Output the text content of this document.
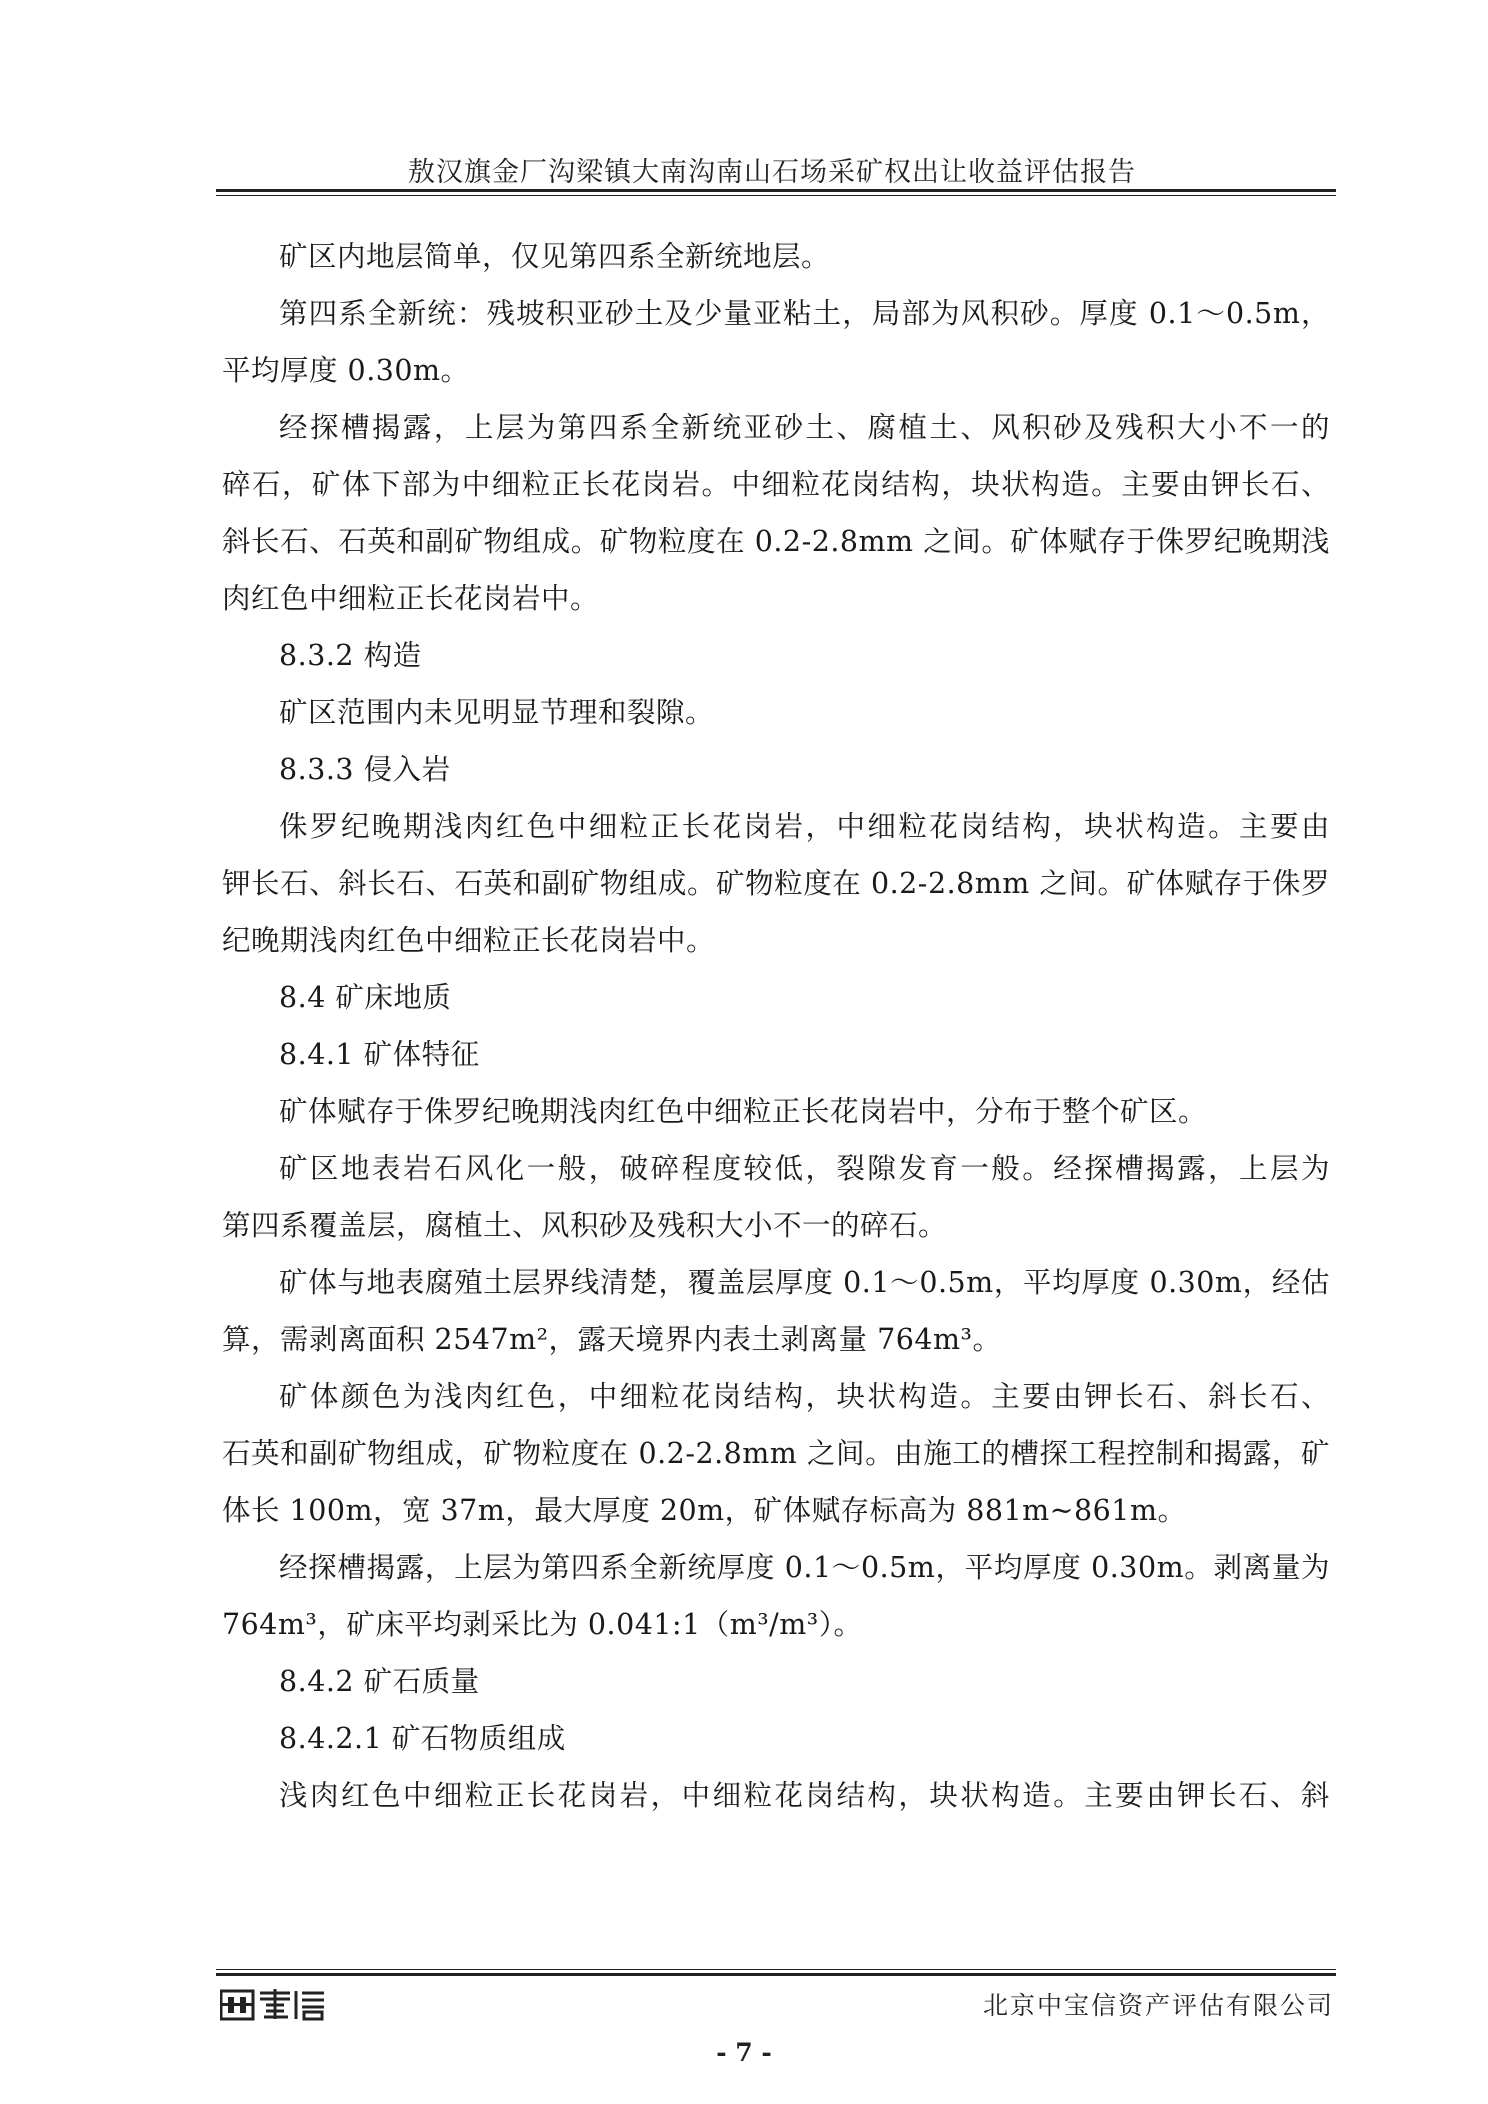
敖汉旗金厂沟梁镇大南沟南山石场采矿权出让收益评估报告
矿区内地层简单，仅见第四系全新统地层。
第四系全新统：残坡积亚砂土及少量亚粘土，局部为风积砂。厚度 0.1～0.5m，
平均厚度 0.30m。
经探槽揭露，上层为第四系全新统亚砂土、腐植土、风积砂及残积大小不一的
碎石，矿体下部为中细粒正长花岗岩。中细粒花岗结构，块状构造。主要由钾长石、
斜长石、石英和副矿物组成。矿物粒度在 0.2-2.8mm 之间。矿体赋存于侏罗纪晚期浅
肉红色中细粒正长花岗岩中。
8.3.2 构造
矿区范围内未见明显节理和裂隙。
8.3.3 侵入岩
侏罗纪晚期浅肉红色中细粒正长花岗岩，中细粒花岗结构，块状构造。主要由
钾长石、斜长石、石英和副矿物组成。矿物粒度在 0.2-2.8mm 之间。矿体赋存于侏罗
纪晚期浅肉红色中细粒正长花岗岩中。
8.4 矿床地质
8.4.1 矿体特征
矿体赋存于侏罗纪晚期浅肉红色中细粒正长花岗岩中，分布于整个矿区。
矿区地表岩石风化一般，破碎程度较低，裂隙发育一般。经探槽揭露，上层为
第四系覆盖层，腐植土、风积砂及残积大小不一的碎石。
矿体与地表腐殖土层界线清楚，覆盖层厚度 0.1～0.5m，平均厚度 0.30m，经估
算，需剥离面积 2547m²，露天境界内表土剥离量 764m³。
矿体颜色为浅肉红色，中细粒花岗结构，块状构造。主要由钾长石、斜长石、
石英和副矿物组成，矿物粒度在 0.2-2.8mm 之间。由施工的槽探工程控制和揭露，矿
体长 100m，宽 37m，最大厚度 20m，矿体赋存标高为 881m~861m。
经探槽揭露，上层为第四系全新统厚度 0.1～0.5m，平均厚度 0.30m。剥离量为
764m³，矿床平均剥采比为 0.041:1（m³/m³）。
8.4.2 矿石质量
8.4.2.1 矿石物质组成
浅肉红色中细粒正长花岗岩，中细粒花岗结构，块状构造。主要由钾长石、斜
北京中宝信资产评估有限公司
- 7 -
